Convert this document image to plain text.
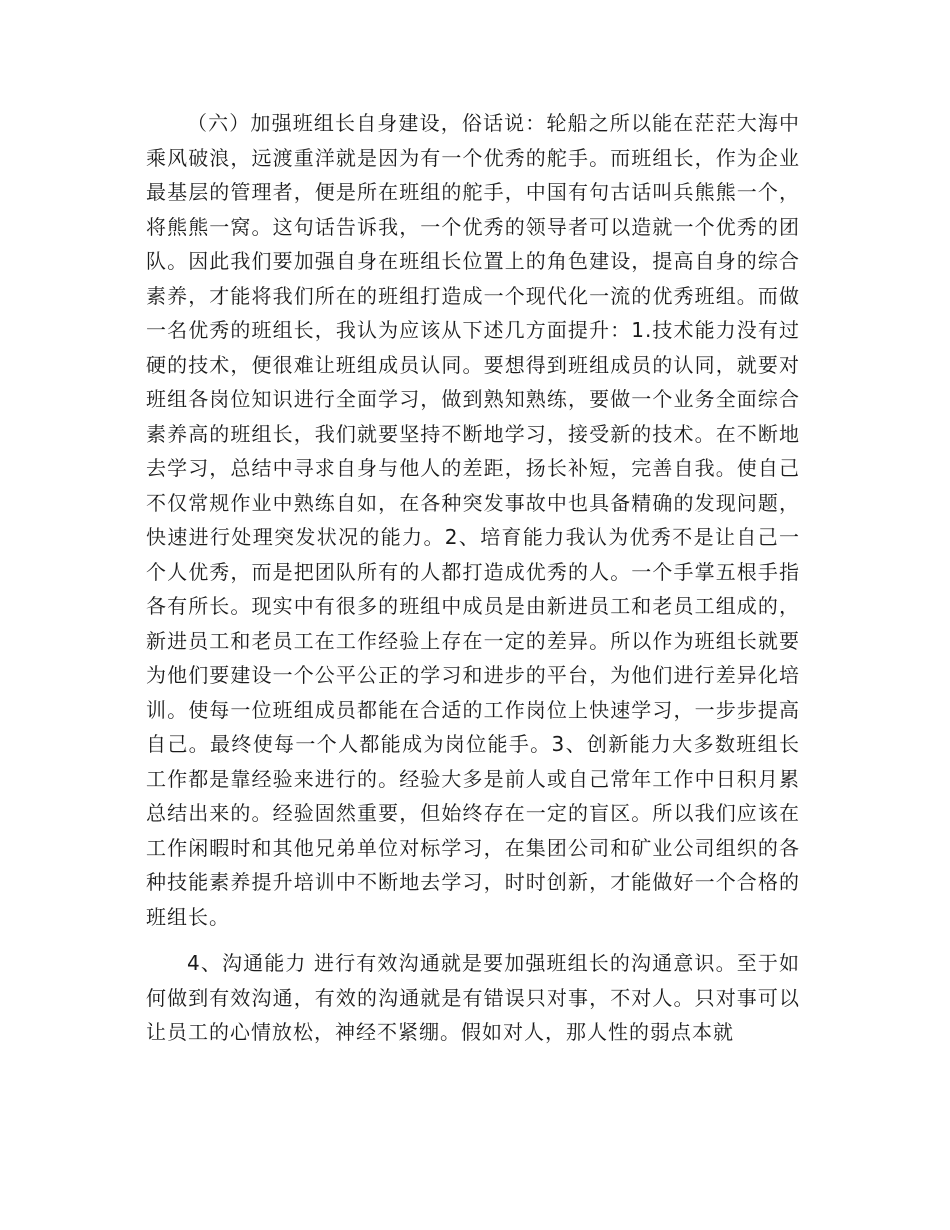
（六）加强班组长自身建设，俗话说：轮船之所以能在茫茫大海中乘风破浪，远渡重洋就是因为有一个优秀的舵手。而班组长，作为企业最基层的管理者，便是所在班组的舵手，中国有句古话叫兵熊熊一个，将熊熊一窝。这句话告诉我，一个优秀的领导者可以造就一个优秀的团队。因此我们要加强自身在班组长位置上的角色建设，提高自身的综合素养，才能将我们所在的班组打造成一个现代化一流的优秀班组。而做一名优秀的班组长，我认为应该从下述几方面提升：1.技术能力没有过硬的技术，便很难让班组成员认同。要想得到班组成员的认同，就要对班组各岗位知识进行全面学习，做到熟知熟练，要做一个业务全面综合素养高的班组长，我们就要坚持不断地学习，接受新的技术。在不断地去学习，总结中寻求自身与他人的差距，扬长补短，完善自我。使自己不仅常规作业中熟练自如，在各种突发事故中也具备精确的发现问题，快速进行处理突发状况的能力。2、培育能力我认为优秀不是让自己一个人优秀，而是把团队所有的人都打造成优秀的人。一个手掌五根手指各有所长。现实中有很多的班组中成员是由新进员工和老员工组成的，新进员工和老员工在工作经验上存在一定的差异。所以作为班组长就要为他们要建设一个公平公正的学习和进步的平台，为他们进行差异化培训。使每一位班组成员都能在合适的工作岗位上快速学习，一步步提高自己。最终使每一个人都能成为岗位能手。3、创新能力大多数班组长工作都是靠经验来进行的。经验大多是前人或自己常年工作中日积月累总结出来的。经验固然重要，但始终存在一定的盲区。所以我们应该在工作闲暇时和其他兄弟单位对标学习，在集团公司和矿业公司组织的各种技能素养提升培训中不断地去学习，时时创新，才能做好一个合格的班组长。

4、沟通能力 进行有效沟通就是要加强班组长的沟通意识。至于如何做到有效沟通，有效的沟通就是有错误只对事，不对人。只对事可以让员工的心情放松，神经不紧绷。假如对人，那人性的弱点本就
